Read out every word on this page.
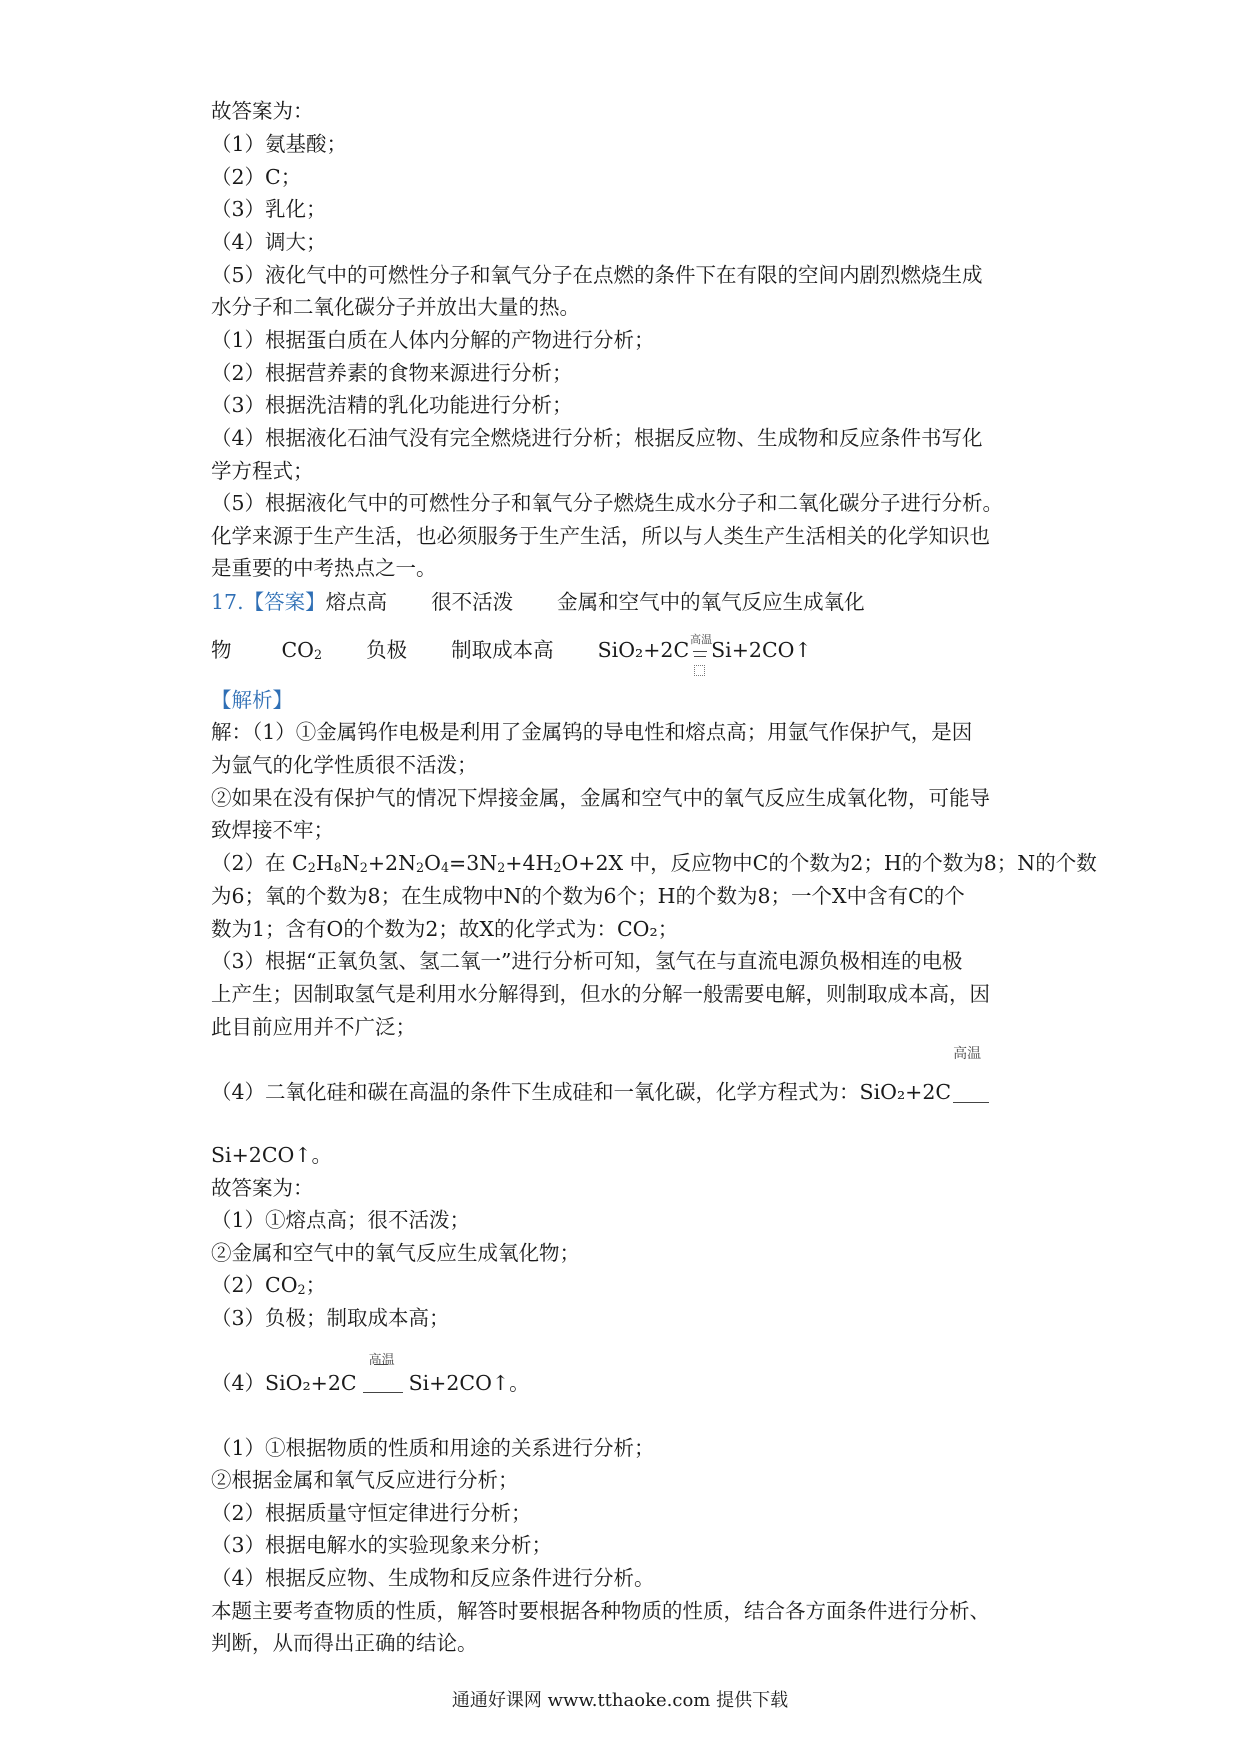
故答案为：
（1）氨基酸；
（2）C；
（3）乳化；
（4）调大；
（5）液化气中的可燃性分子和氧气分子在点燃的条件下在有限的空间内剧烈燃烧生成
水分子和二氧化碳分子并放出大量的热。
（1）根据蛋白质在人体内分解的产物进行分析；
（2）根据营养素的食物来源进行分析；
（3）根据洗洁精的乳化功能进行分析；
（4）根据液化石油气没有完全燃烧进行分析；根据反应物、生成物和反应条件书写化
学方程式；
（5）根据液化气中的可燃性分子和氧气分子燃烧生成水分子和二氧化碳分子进行分析。
化学来源于生产生活，也必须服务于生产生活，所以与人类生产生活相关的化学知识也
是重要的中考热点之一。
17.【答案】熔点高 很不活泼 金属和空气中的氧气反应生成氧化
物 $CO_2$ 负极 制取成本高 SiO₂+2C 高温 Si+2CO↑
【解析】
解：（1）①金属钨作电极是利用了金属钨的导电性和熔点高；用氩气作保护气，是因
为氩气的化学性质很不活泼；
②如果在没有保护气的情况下焊接金属，金属和空气中的氧气反应生成氧化物，可能导
致焊接不牢；
（2）在 $C_2H_8N_2+2N_2O_4=3N_2+4H_2O+2X$ 中，反应物中C的个数为2；H的个数为8；N的个数
为6；氧的个数为8；在生成物中N的个数为6个；H的个数为8；一个X中含有C的个
数为1；含有O的个数为2；故X的化学式为：CO₂；
（3）根据“正氧负氢、氢二氧一”进行分析可知，氢气在与直流电源负极相连的电极
上产生；因制取氢气是利用水分解得到，但水的分解一般需要电解，则制取成本高，因
此目前应用并不广泛；
（4）二氧化硅和碳在高温的条件下生成硅和一氧化碳，化学方程式为：SiO₂+2C
高温
Si+2CO↑。
故答案为：
（1）①熔点高；很不活泼；
②金属和空气中的氧气反应生成氧化物；
$(2)CO_2$；
（3）负极；制取成本高；
（4）SiO₂+2C
高温
Si+2CO↑。
（1）①根据物质的性质和用途的关系进行分析；
②根据金属和氧气反应进行分析；
（2）根据质量守恒定律进行分析；
（3）根据电解水的实验现象来分析；
（4）根据反应物、生成物和反应条件进行分析。
本题主要考查物质的性质，解答时要根据各种物质的性质，结合各方面条件进行分析、
判断，从而得出正确的结论。
通通好课网 www.tthaoke.com 提供下载
